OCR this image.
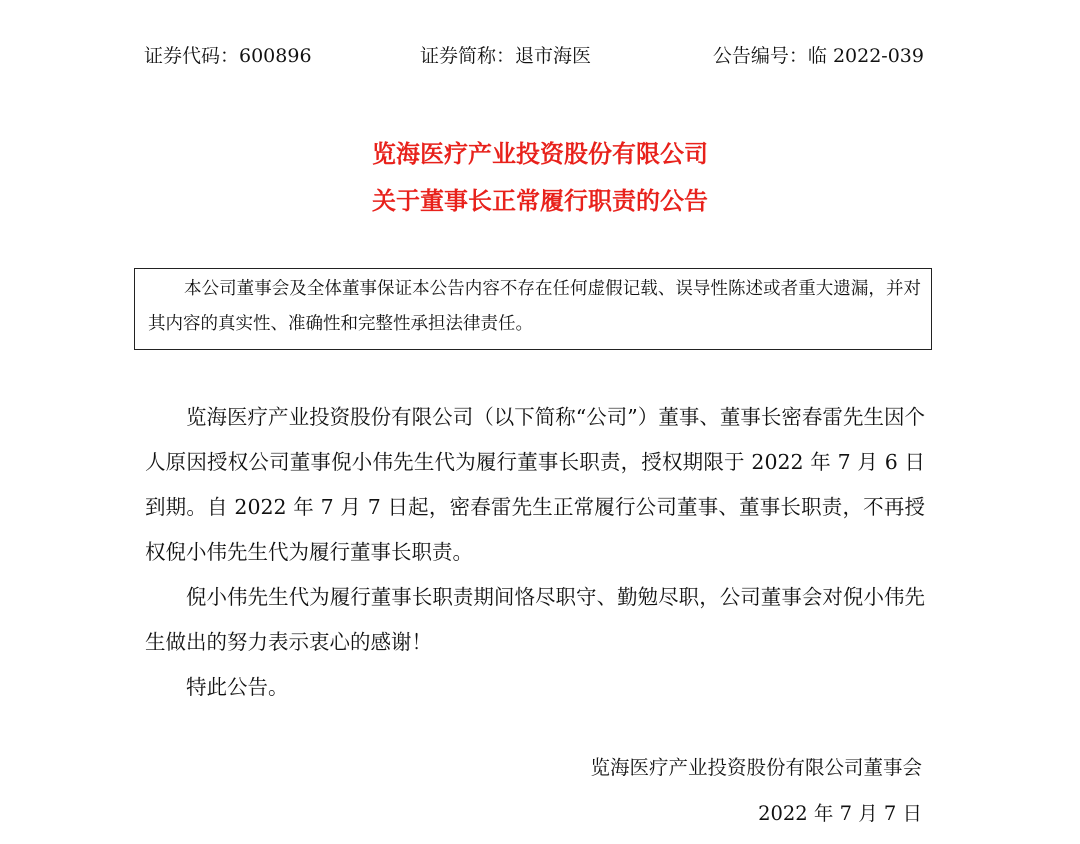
证券代码：600896	证券简称：退市海医	公告编号：临 2022-039
览海医疗产业投资股份有限公司
关于董事长正常履行职责的公告

本公司董事会及全体董事保证本公告内容不存在任何虚假记载、误导性陈述或者重大遗漏，并对其内容的真实性、准确性和完整性承担法律责任。

览海医疗产业投资股份有限公司（以下简称“公司”）董事、董事长密春雷先生因个人原因授权公司董事倪小伟先生代为履行董事长职责，授权期限于 2022 年 7 月 6 日到期。自 2022 年 7 月 7 日起，密春雷先生正常履行公司董事、董事长职责，不再授权倪小伟先生代为履行董事长职责。

倪小伟先生代为履行董事长职责期间恪尽职守、勤勉尽职，公司董事会对倪小伟先生做出的努力表示衷心的感谢！

特此公告。

览海医疗产业投资股份有限公司董事会
2022 年 7 月 7 日
